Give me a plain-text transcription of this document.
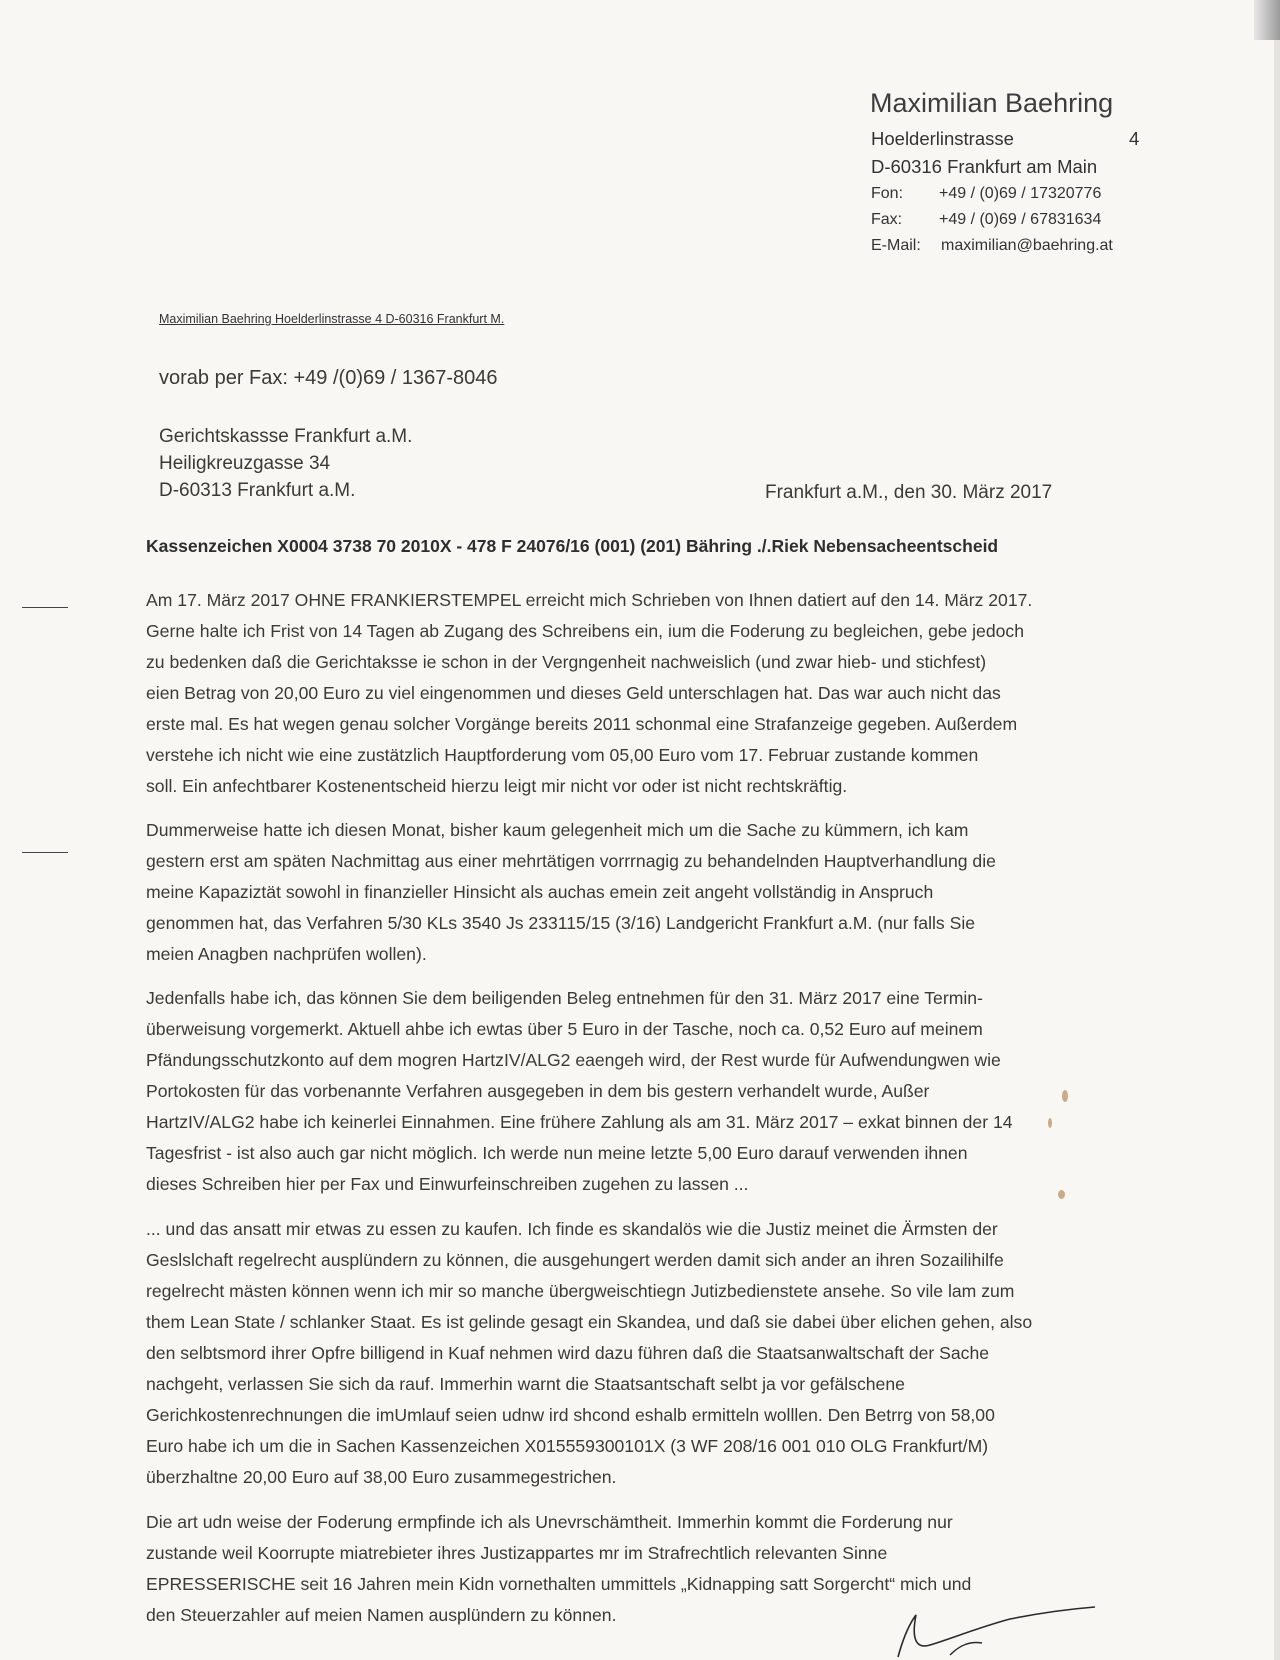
Maximilian Baehring
Hoelderlinstrasse	4
D-60316 Frankfurt am Main
Fon: +49 / (0)69 / 17320776
Fax: +49 / (0)69 / 67831634
E-Mail: maximilian@baehring.at
Maximilian Baehring Hoelderlinstrasse 4 D-60316 Frankfurt M.
vorab per Fax: +49 /(0)69 / 1367-8046
Gerichtskassse Frankfurt a.M.
Heiligkreuzgasse 34
D-60313 Frankfurt a.M.	Frankfurt a.M., den 30. März 2017
Kassenzeichen X0004 3738 70 2010X - 478 F 24076/16 (001) (201) Bähring ./.Riek Nebensacheentscheid
Am 17. März 2017 OHNE FRANKIERSTEMPEL erreicht mich Schrieben von Ihnen datiert auf den 14. März 2017.
Gerne halte ich Frist von 14 Tagen ab Zugang des Schreibens ein, ium die Foderung zu begleichen, gebe jedoch
zu bedenken daß die Gerichtaksse ie schon in der Vergngenheit nachweislich (und zwar hieb- und stichfest)
eien Betrag von 20,00 Euro zu viel eingenommen und dieses Geld unterschlagen hat. Das war auch nicht das
erste mal. Es hat wegen genau solcher Vorgänge bereits 2011 schonmal eine Strafanzeige gegeben. Außerdem
verstehe ich nicht wie eine zustätzlich Hauptforderung vom 05,00 Euro vom 17. Februar zustande kommen
soll. Ein anfechtbarer Kostenentscheid hierzu leigt mir nicht vor oder ist nicht rechtskräftig.
Dummerweise hatte ich diesen Monat, bisher kaum gelegenheit mich um die Sache zu kümmern, ich kam
gestern erst am späten Nachmittag aus einer mehrtätigen vorrrnagig zu behandelnden Hauptverhandlung die
meine Kapaziztät sowohl in finanzieller Hinsicht als auchas emein zeit angeht vollständig in Anspruch
genommen hat, das Verfahren 5/30 KLs 3540 Js 233115/15 (3/16) Landgericht Frankfurt a.M. (nur falls Sie
meien Anagben nachprüfen wollen).
Jedenfalls habe ich, das können Sie dem beiligenden Beleg entnehmen für den 31. März 2017 eine Termin-
überweisung vorgemerkt. Aktuell ahbe ich ewtas über 5 Euro in der Tasche, noch ca. 0,52 Euro auf meinem
Pfändungsschutzkonto auf dem mogren HartzIV/ALG2 eaengeh wird, der Rest wurde für Aufwendungwen wie
Portokosten für das vorbenannte Verfahren ausgegeben in dem bis gestern verhandelt wurde, Außer
HartzIV/ALG2 habe ich keinerlei Einnahmen. Eine frühere Zahlung als am 31. März 2017 – exkat binnen der 14
Tagesfrist - ist also auch gar nicht möglich. Ich werde nun meine letzte 5,00 Euro darauf verwenden ihnen
dieses Schreiben hier per Fax und Einwurfeinschreiben zugehen zu lassen ...
... und das ansatt mir etwas zu essen zu kaufen. Ich finde es skandalös wie die Justiz meinet die Ärmsten der
Geslslchaft regelrecht ausplündern zu können, die ausgehungert werden damit sich ander an ihren Sozailihilfe
regelrecht mästen können wenn ich mir so manche übergweischtiegn Jutizbedienstete ansehe. So vile lam zum
them Lean State / schlanker Staat. Es ist gelinde gesagt ein Skandea, und daß sie dabei über elichen gehen, also
den selbtsmord ihrer Opfre billigend in Kuaf nehmen wird dazu führen daß die Staatsanwaltschaft der Sache
nachgeht, verlassen Sie sich da rauf. Immerhin warnt die Staatsantschaft selbt ja vor gefälschene
Gerichkostenrechnungen die imUmlauf seien udnw ird shcond eshalb ermitteln wolllen. Den Betrrg von 58,00
Euro habe ich um die in Sachen Kassenzeichen X015559300101X (3 WF 208/16 001 010 OLG Frankfurt/M)
überzhaltne 20,00 Euro auf 38,00 Euro zusammegestrichen.
Die art udn weise der Foderung ermpfinde ich als Unevrschämtheit. Immerhin kommt die Forderung nur
zustande weil Koorrupte miatrebieter ihres Justizappartes mr im Strafrechtlich relevanten Sinne
EPRESSERISCHE seit 16 Jahren mein Kidn vornethalten ummittels „Kidnapping satt Sorgercht“ mich und
den Steuerzahler auf meien Namen ausplündern zu können.
